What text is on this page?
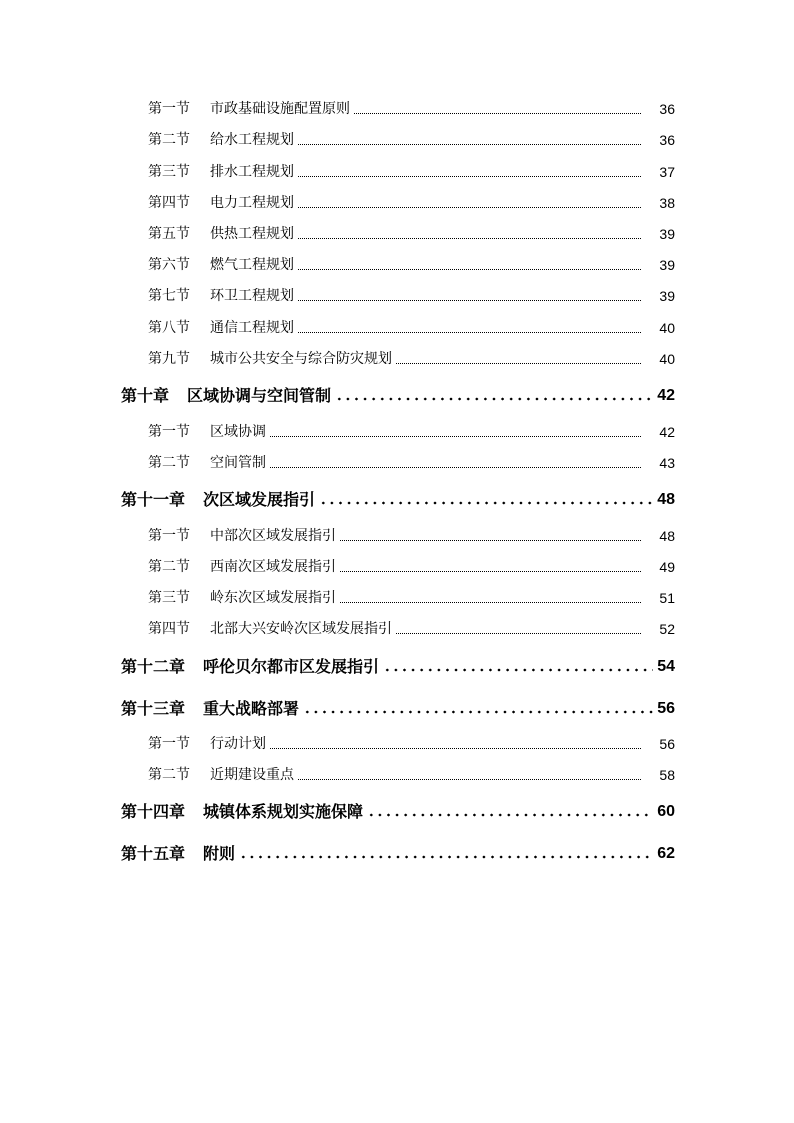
第一节	市政基础设施配置原则	36
第二节	给水工程规划	36
第三节	排水工程规划	37
第四节	电力工程规划	38
第五节	供热工程规划	39
第六节	燃气工程规划	39
第七节	环卫工程规划	39
第八节	通信工程规划	40
第九节	城市公共安全与综合防灾规划	40
第十章 区域协调与空间管制	42
第一节	区域协调	42
第二节	空间管制	43
第十一章 次区域发展指引	48
第一节	中部次区域发展指引	48
第二节	西南次区域发展指引	49
第三节	岭东次区域发展指引	51
第四节	北部大兴安岭次区域发展指引	52
第十二章 呼伦贝尔都市区发展指引	54
第十三章 重大战略部署	56
第一节	行动计划	56
第二节	近期建设重点	58
第十四章 城镇体系规划实施保障	60
第十五章 附则	62
